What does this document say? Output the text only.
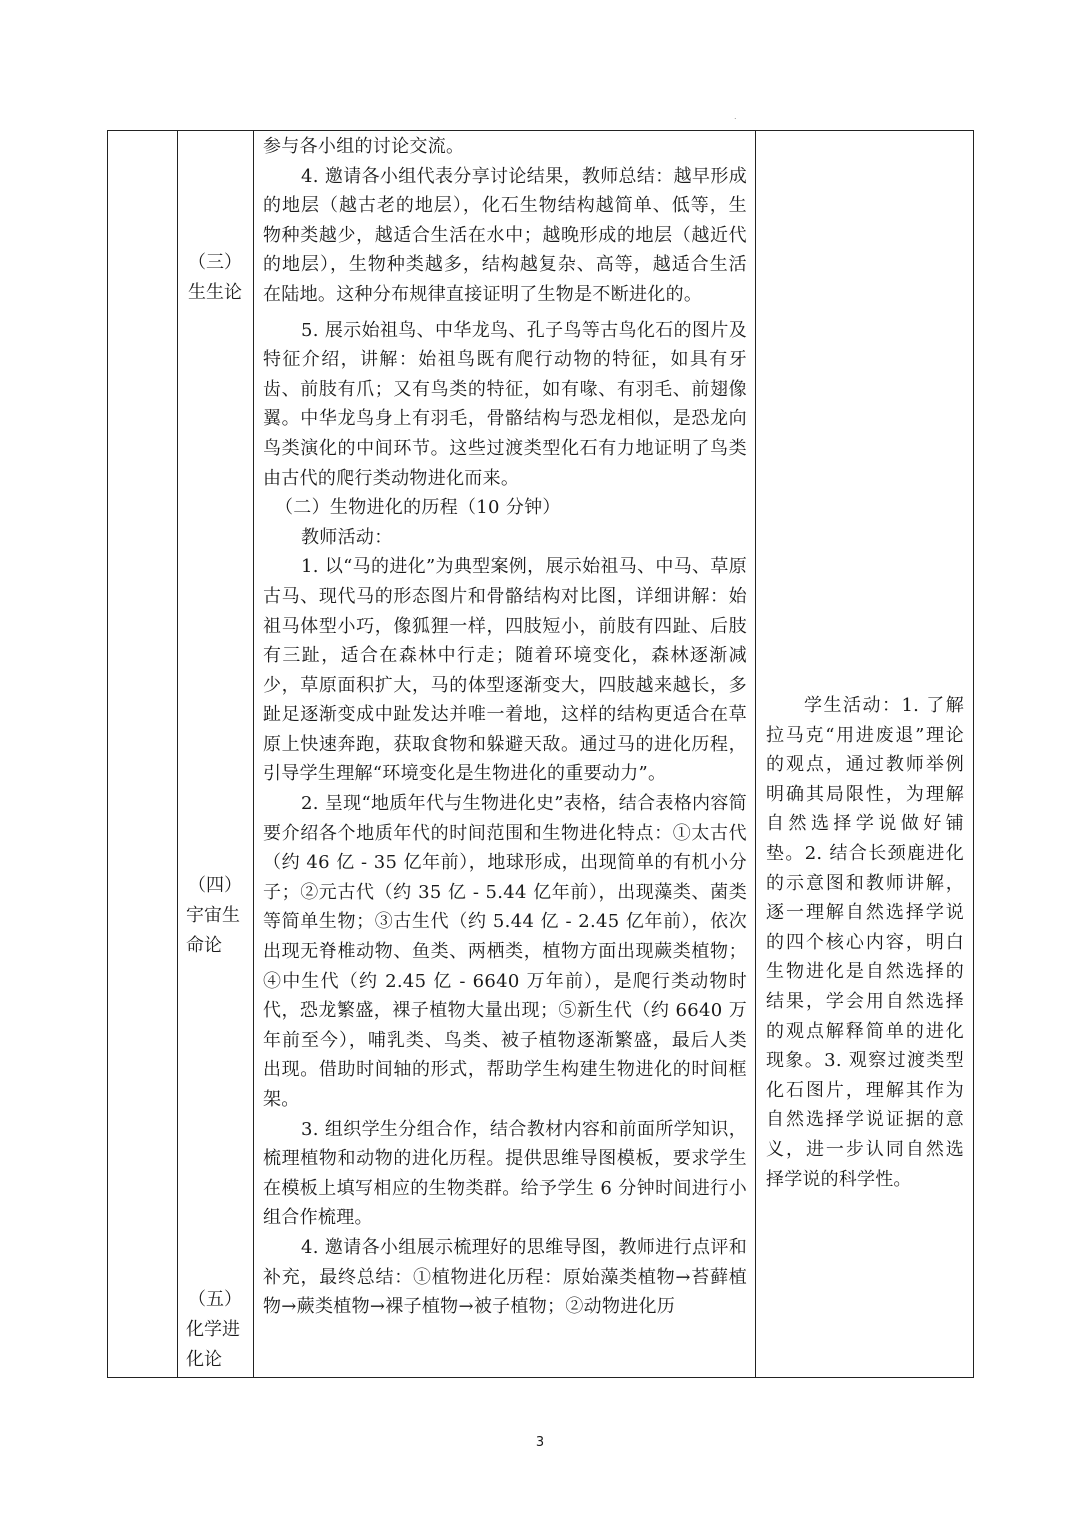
.
（三）
生生论
（四）
宇宙生
命论
（五）
化学进
化论

参与各小组的讨论交流。

4. 邀请各小组代表分享讨论结果，教师总结：越早形成的地层（越古老的地层），化石生物结构越简单、低等，生物种类越少，越适合生活在水中；越晚形成的地层（越近代的地层），生物种类越多，结构越复杂、高等，越适合生活在陆地。这种分布规律直接证明了生物是不断进化的。

5. 展示始祖鸟、中华龙鸟、孔子鸟等古鸟化石的图片及特征介绍，讲解：始祖鸟既有爬行动物的特征，如具有牙齿、前肢有爪；又有鸟类的特征，如有喙、有羽毛、前翅像翼。中华龙鸟身上有羽毛，骨骼结构与恐龙相似，是恐龙向鸟类演化的中间环节。这些过渡类型化石有力地证明了鸟类由古代的爬行类动物进化而来。

（二）生物进化的历程（10 分钟）

教师活动：

1. 以“马的进化”为典型案例，展示始祖马、中马、草原古马、现代马的形态图片和骨骼结构对比图，详细讲解：始祖马体型小巧，像狐狸一样，四肢短小，前肢有四趾、后肢有三趾，适合在森林中行走；随着环境变化，森林逐渐减少，草原面积扩大，马的体型逐渐变大，四肢越来越长，多趾足逐渐变成中趾发达并唯一着地，这样的结构更适合在草原上快速奔跑，获取食物和躲避天敌。通过马的进化历程，引导学生理解“环境变化是生物进化的重要动力”。

2. 呈现“地质年代与生物进化史”表格，结合表格内容简要介绍各个地质年代的时间范围和生物进化特点：①太古代（约 46 亿 - 35 亿年前），地球形成，出现简单的有机小分子；②元古代（约 35 亿 - 5.44 亿年前），出现藻类、菌类等简单生物；③古生代（约 5.44 亿 - 2.45 亿年前），依次出现无脊椎动物、鱼类、两栖类，植物方面出现蕨类植物；④中生代（约 2.45 亿 - 6640 万年前），是爬行类动物时代，恐龙繁盛，裸子植物大量出现；⑤新生代（约 6640 万年前至今），哺乳类、鸟类、被子植物逐渐繁盛，最后人类出现。借助时间轴的形式，帮助学生构建生物进化的时间框架。

3. 组织学生分组合作，结合教材内容和前面所学知识，梳理植物和动物的进化历程。提供思维导图模板，要求学生在模板上填写相应的生物类群。给予学生 6 分钟时间进行小组合作梳理。

4. 邀请各小组展示梳理好的思维导图，教师进行点评和补充，最终总结：①植物进化历程：原始藻类植物→苔藓植物→蕨类植物→裸子植物→被子植物；②动物进化历

学生活动：1. 了解拉马克“用进废退”理论的观点，通过教师举例明确其局限性，为理解自然选择学说做好铺垫。2. 结合长颈鹿进化的示意图和教师讲解，逐一理解自然选择学说的四个核心内容，明白生物进化是自然选择的结果，学会用自然选择的观点解释简单的进化现象。3. 观察过渡类型化石图片，理解其作为自然选择学说证据的意义，进一步认同自然选择学说的科学性。
3
